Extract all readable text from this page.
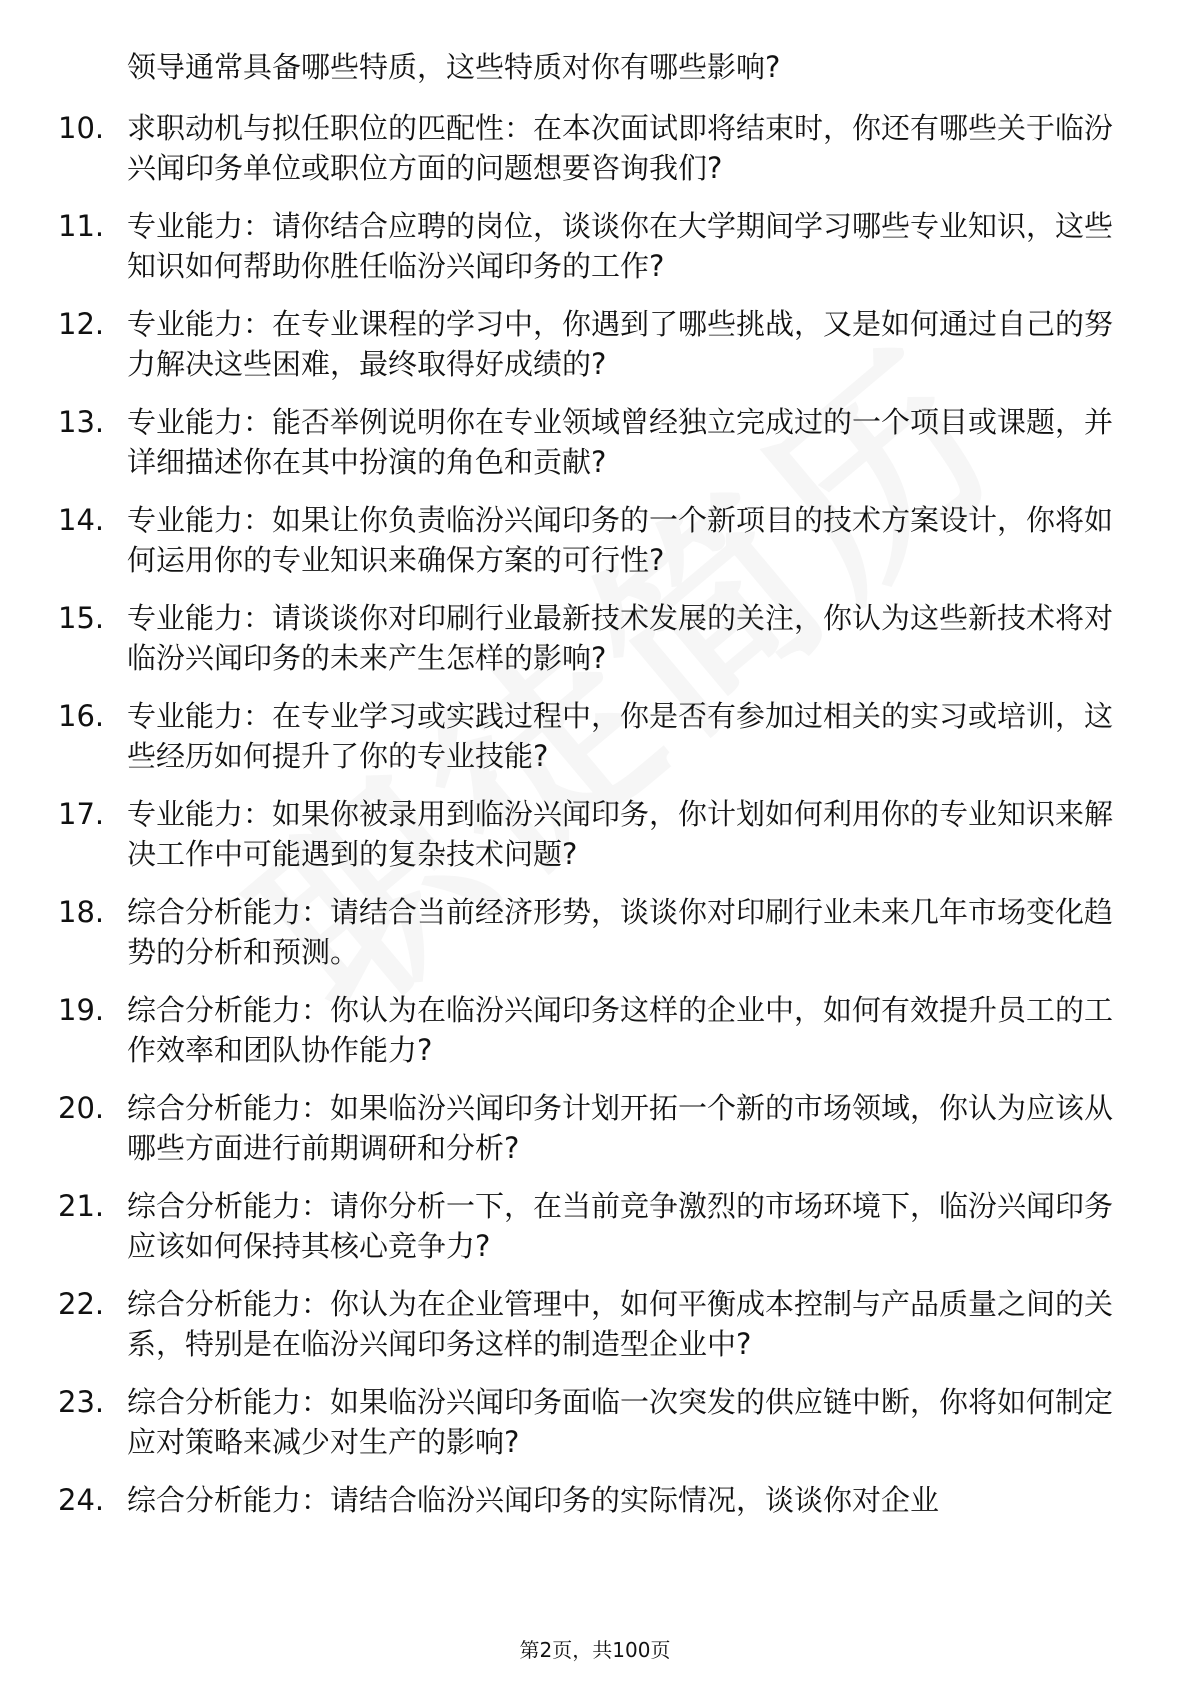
领导通常具备哪些特质，这些特质对你有哪些影响?

10. 求职动机与拟任职位的匹配性：在本次面试即将结束时，你还有哪些关于临汾兴闻印务单位或职位方面的问题想要咨询我们?

11. 专业能力：请你结合应聘的岗位，谈谈你在大学期间学习哪些专业知识，这些知识如何帮助你胜任临汾兴闻印务的工作?

12. 专业能力：在专业课程的学习中，你遇到了哪些挑战，又是如何通过自己的努力解决这些困难，最终取得好成绩的?

13. 专业能力：能否举例说明你在专业领域曾经独立完成过的一个项目或课题，并详细描述你在其中扮演的角色和贡献?

14. 专业能力：如果让你负责临汾兴闻印务的一个新项目的技术方案设计，你将如何运用你的专业知识来确保方案的可行性?

15. 专业能力：请谈谈你对印刷行业最新技术发展的关注，你认为这些新技术将对临汾兴闻印务的未来产生怎样的影响?

16. 专业能力：在专业学习或实践过程中，你是否有参加过相关的实习或培训，这些经历如何提升了你的专业技能?

17. 专业能力：如果你被录用到临汾兴闻印务，你计划如何利用你的专业知识来解决工作中可能遇到的复杂技术问题?

18. 综合分析能力：请结合当前经济形势，谈谈你对印刷行业未来几年市场变化趋势的分析和预测。

19. 综合分析能力：你认为在临汾兴闻印务这样的企业中，如何有效提升员工的工作效率和团队协作能力?

20. 综合分析能力：如果临汾兴闻印务计划开拓一个新的市场领域，你认为应该从哪些方面进行前期调研和分析?

21. 综合分析能力：请你分析一下，在当前竞争激烈的市场环境下，临汾兴闻印务应该如何保持其核心竞争力?

22. 综合分析能力：你认为在企业管理中，如何平衡成本控制与产品质量之间的关系，特别是在临汾兴闻印务这样的制造型企业中?

23. 综合分析能力：如果临汾兴闻印务面临一次突发的供应链中断，你将如何制定应对策略来减少对生产的影响?

24. 综合分析能力：请结合临汾兴闻印务的实际情况，谈谈你对企业

第2页，共100页
